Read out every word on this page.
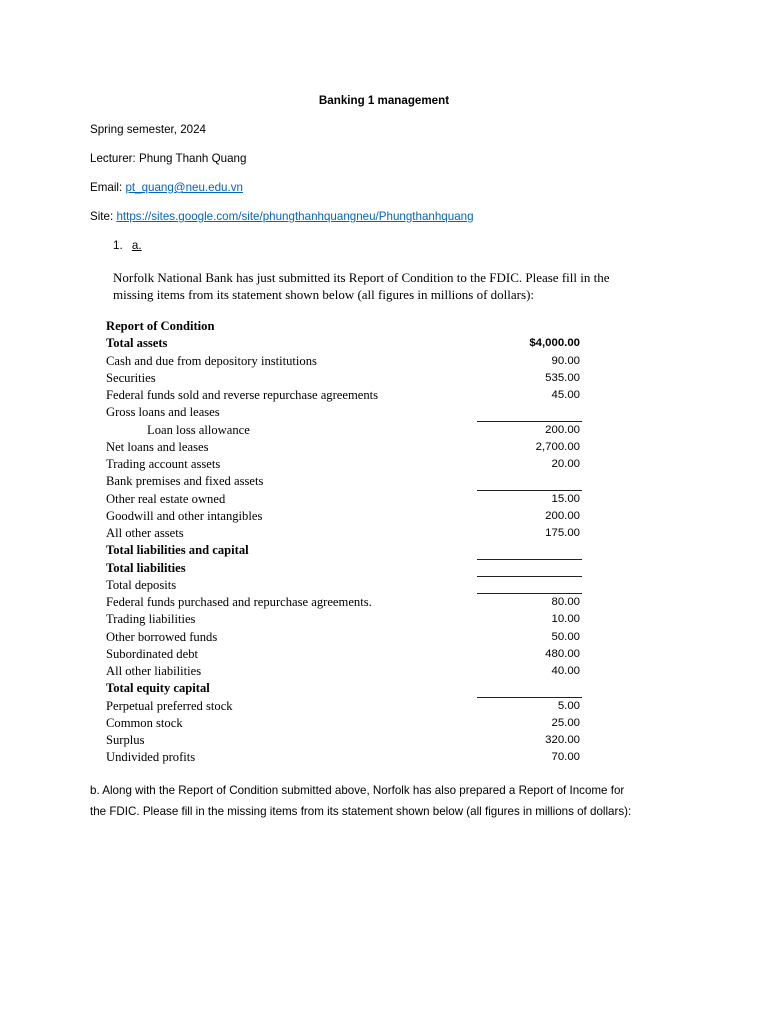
Banking 1 management
Spring semester, 2024
Lecturer: Phung Thanh Quang
Email: pt_quang@neu.edu.vn
Site: https://sites.google.com/site/phungthanhquangneu/Phungthanhquang
1. a.
Norfolk National Bank has just submitted its Report of Condition to the FDIC. Please fill in the
missing items from its statement shown below (all figures in millions of dollars):
Report of Condition
Total assets	$4,000.00
Cash and due from depository institutions	90.00
Securities	535.00
Federal funds sold and reverse repurchase agreements	45.00
Gross loans and leases
Loan loss allowance	200.00
Net loans and leases	2,700.00
Trading account assets	20.00
Bank premises and fixed assets
Other real estate owned	15.00
Goodwill and other intangibles	200.00
All other assets	175.00
Total liabilities and capital
Total liabilities
Total deposits
Federal funds purchased and repurchase agreements.	80.00
Trading liabilities	10.00
Other borrowed funds	50.00
Subordinated debt	480.00
All other liabilities	40.00
Total equity capital
Perpetual preferred stock	5.00
Common stock	25.00
Surplus	320.00
Undivided profits	70.00
b. Along with the Report of Condition submitted above, Norfolk has also prepared a Report of Income for
the FDIC. Please fill in the missing items from its statement shown below (all figures in millions of dollars):
